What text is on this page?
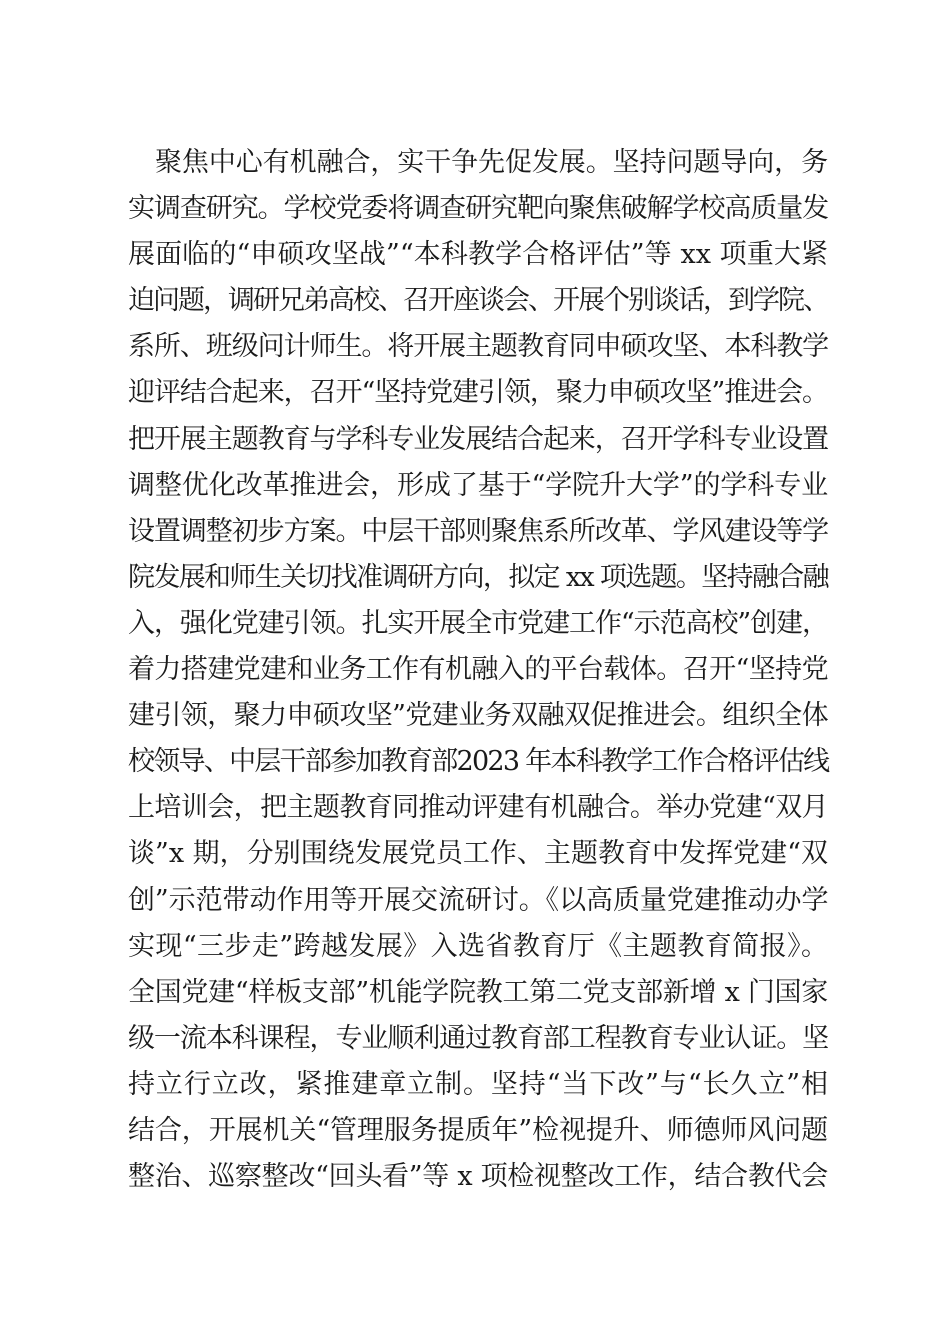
聚焦中心有机融合，实干争先促发展。坚持问题导向，务
实调查研究。学校党委将调查研究靶向聚焦破解学校高质量发
展面临的“申硕攻坚战”“本科教学合格评估”等 xx 项重大紧
迫问题，调研兄弟高校、召开座谈会、开展个别谈话，到学院、
系所、班级问计师生。将开展主题教育同申硕攻坚、本科教学
迎评结合起来，召开“坚持党建引领，聚力申硕攻坚”推进会。
把开展主题教育与学科专业发展结合起来，召开学科专业设置
调整优化改革推进会，形成了基于“学院升大学”的学科专业
设置调整初步方案。中层干部则聚焦系所改革、学风建设等学
院发展和师生关切找准调研方向，拟定 xx 项选题。坚持融合融
入，强化党建引领。扎实开展全市党建工作“示范高校”创建，
着力搭建党建和业务工作有机融入的平台载体。召开“坚持党
建引领，聚力申硕攻坚”党建业务双融双促推进会。组织全体
校领导、中层干部参加教育部2023 年本科教学工作合格评估线
上培训会，把主题教育同推动评建有机融合。举办党建“双月
谈”x 期，分别围绕发展党员工作、主题教育中发挥党建“双
创”示范带动作用等开展交流研讨。《以高质量党建推动办学
实现“三步走”跨越发展》入选省教育厅《主题教育简报》。
全国党建“样板支部”机能学院教工第二党支部新增 x 门国家
级一流本科课程，专业顺利通过教育部工程教育专业认证。坚
持立行立改，紧推建章立制。坚持“当下改”与“长久立”相
结合，开展机关“管理服务提质年”检视提升、师德师风问题
整治、巡察整改“回头看”等 x 项检视整改工作，结合教代会
